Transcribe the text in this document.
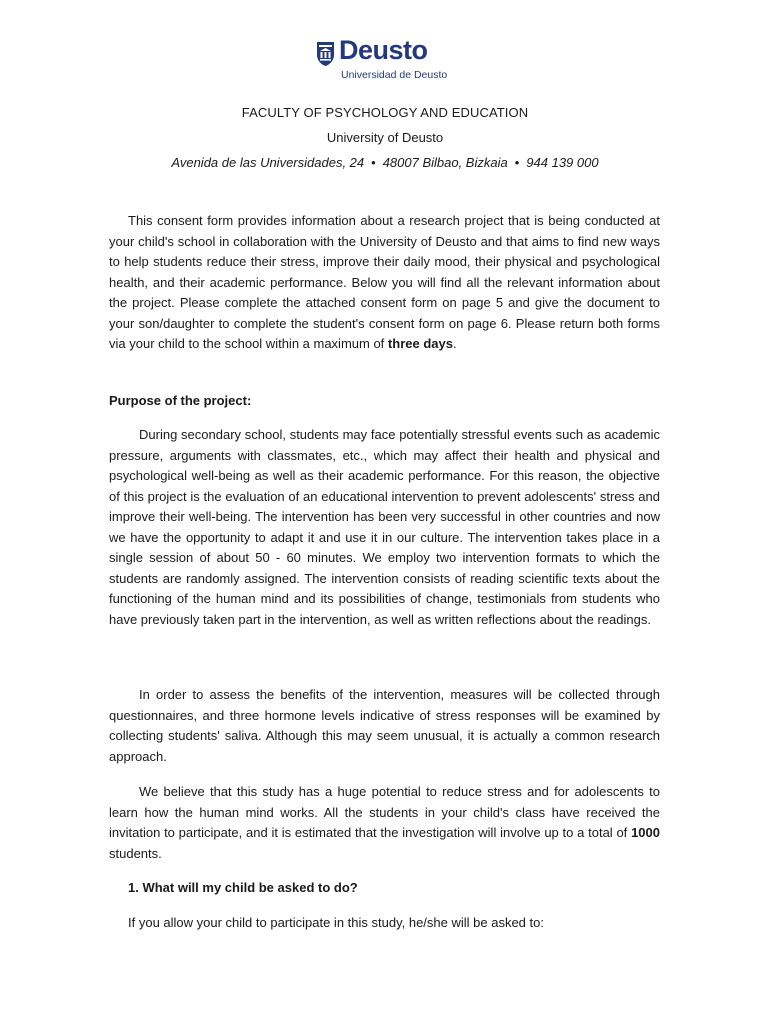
Deusto
Universidad de Deusto
FACULTY OF PSYCHOLOGY AND EDUCATION
University of Deusto
Avenida de las Universidades, 24 • 48007 Bilbao, Bizkaia • 944 139 000

This consent form provides information about a research project that is being conducted at your child's school in collaboration with the University of Deusto and that aims to find new ways to help students reduce their stress, improve their daily mood, their physical and psychological health, and their academic performance. Below you will find all the relevant information about the project. Please complete the attached consent form on page 5 and give the document to your son/daughter to complete the student's consent form on page 6. Please return both forms via your child to the school within a maximum of three days.

Purpose of the project:

During secondary school, students may face potentially stressful events such as academic pressure, arguments with classmates, etc., which may affect their health and physical and psychological well-being as well as their academic performance. For this reason, the objective of this project is the evaluation of an educational intervention to prevent adolescents' stress and improve their well-being. The intervention has been very successful in other countries and now we have the opportunity to adapt it and use it in our culture. The intervention takes place in a single session of about 50 - 60 minutes. We employ two intervention formats to which the students are randomly assigned. The intervention consists of reading scientific texts about the functioning of the human mind and its possibilities of change, testimonials from students who have previously taken part in the intervention, as well as written reflections about the readings.

In order to assess the benefits of the intervention, measures will be collected through questionnaires, and three hormone levels indicative of stress responses will be examined by collecting students' saliva. Although this may seem unusual, it is actually a common research approach.

We believe that this study has a huge potential to reduce stress and for adolescents to learn how the human mind works. All the students in your child's class have received the invitation to participate, and it is estimated that the investigation will involve up to a total of 1000 students.

1. What will my child be asked to do?

If you allow your child to participate in this study, he/she will be asked to:
